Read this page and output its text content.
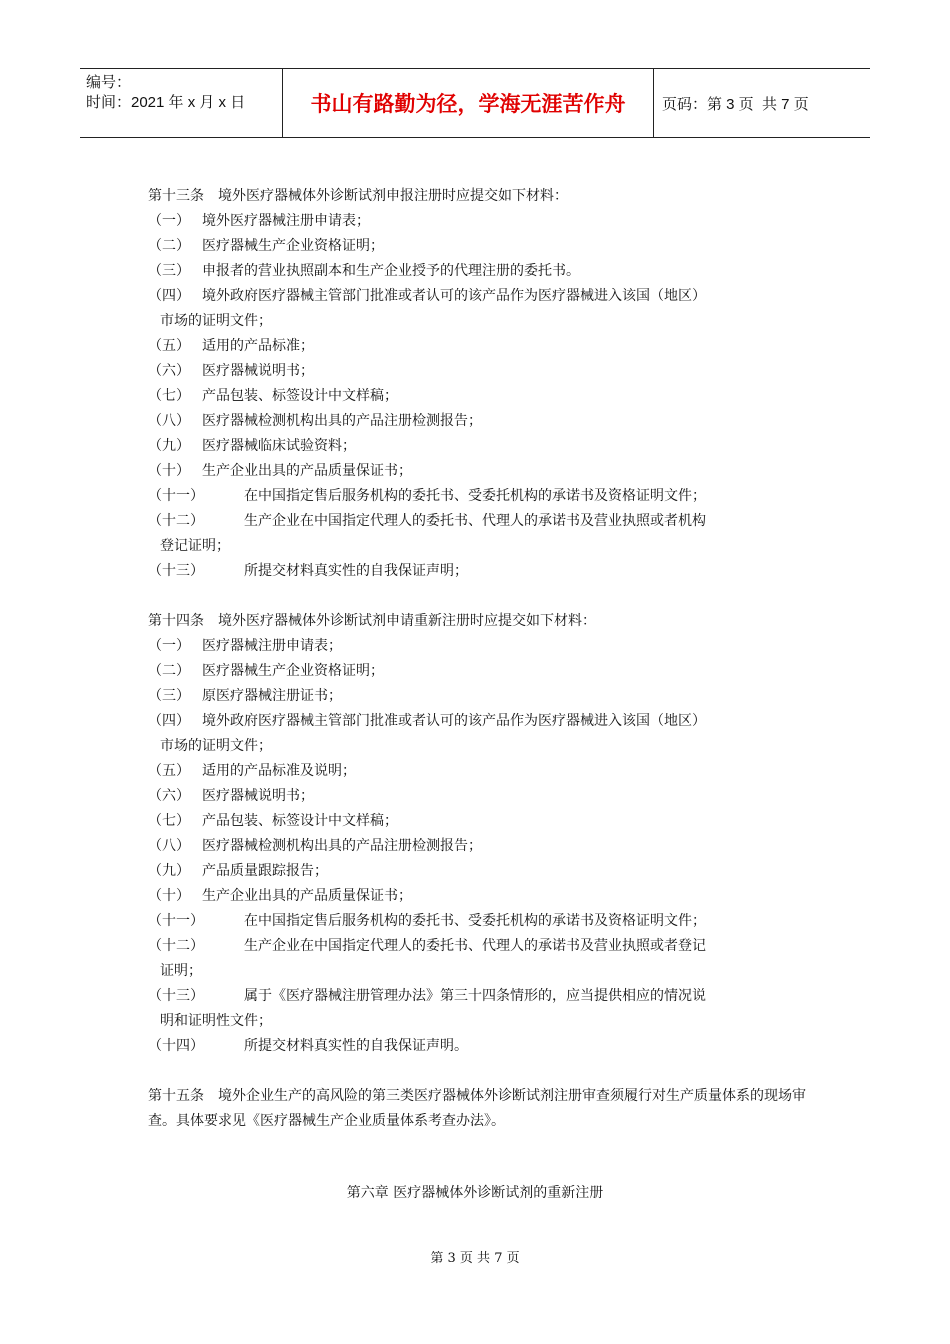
编号：
时间：2021 年 x 月 x 日	书山有路勤为径，学海无涯苦作舟	页码：第 3 页  共 7 页
第十三条　境外医疗器械体外诊断试剂申报注册时应提交如下材料：
（一） 境外医疗器械注册申请表；
（二） 医疗器械生产企业资格证明；
（三） 申报者的营业执照副本和生产企业授予的代理注册的委托书。
（四） 境外政府医疗器械主管部门批准或者认可的该产品作为医疗器械进入该国（地区）
市场的证明文件；
（五） 适用的产品标准；
（六） 医疗器械说明书；
（七） 产品包装、标签设计中文样稿；
（八） 医疗器械检测机构出具的产品注册检测报告；
（九） 医疗器械临床试验资料；
（十） 生产企业出具的产品质量保证书；
（十一）	在中国指定售后服务机构的委托书、受委托机构的承诺书及资格证明文件；
（十二）	生产企业在中国指定代理人的委托书、代理人的承诺书及营业执照或者机构
登记证明；
（十三）	所提交材料真实性的自我保证声明；
第十四条　境外医疗器械体外诊断试剂申请重新注册时应提交如下材料：
（一） 医疗器械注册申请表；
（二） 医疗器械生产企业资格证明；
（三） 原医疗器械注册证书；
（四） 境外政府医疗器械主管部门批准或者认可的该产品作为医疗器械进入该国（地区）
市场的证明文件；
（五） 适用的产品标准及说明；
（六） 医疗器械说明书；
（七） 产品包装、标签设计中文样稿；
（八） 医疗器械检测机构出具的产品注册检测报告；
（九） 产品质量跟踪报告；
（十） 生产企业出具的产品质量保证书；
（十一）	在中国指定售后服务机构的委托书、受委托机构的承诺书及资格证明文件；
（十二）	生产企业在中国指定代理人的委托书、代理人的承诺书及营业执照或者登记
证明；
（十三）	属于《医疗器械注册管理办法》第三十四条情形的，应当提供相应的情况说
明和证明性文件；
（十四）	所提交材料真实性的自我保证声明。
第十五条　境外企业生产的高风险的第三类医疗器械体外诊断试剂注册审查须履行对生产质量体系的现场审查。具体要求见《医疗器械生产企业质量体系考查办法》。
第六章 医疗器械体外诊断试剂的重新注册
第 3 页 共 7 页
